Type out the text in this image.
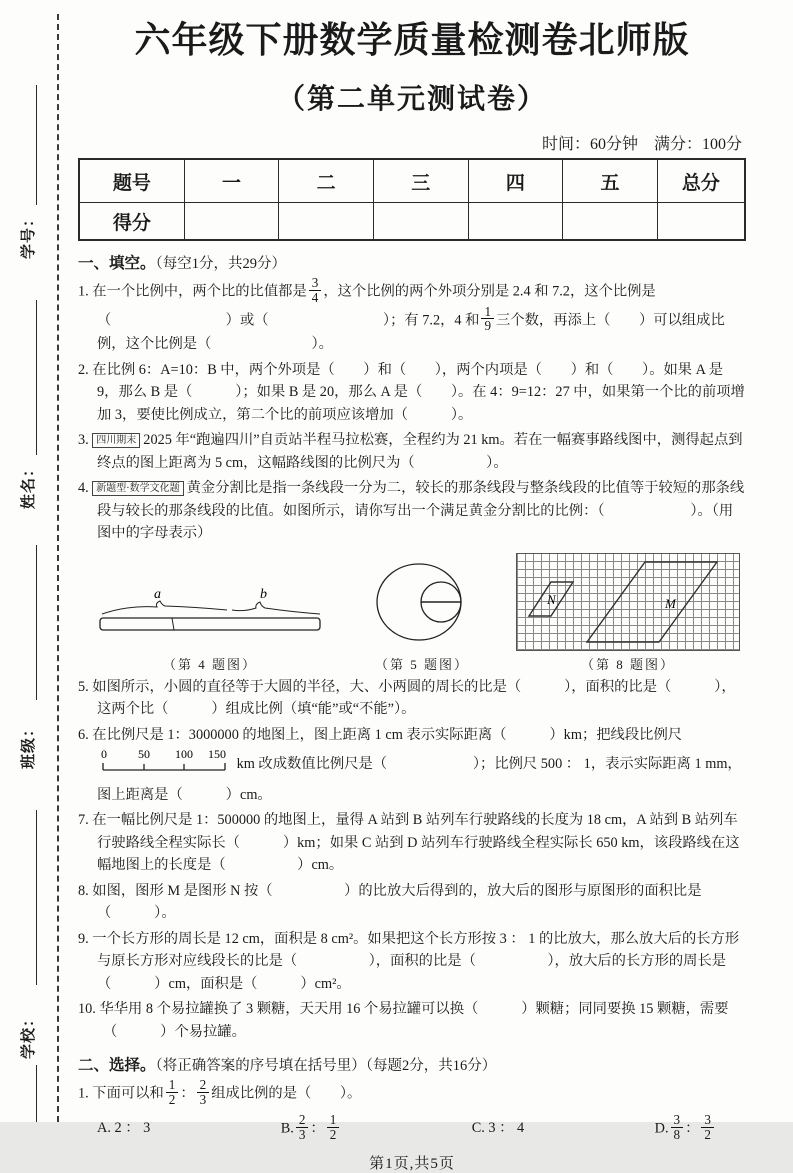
学号：
姓名：
班级：
学校：
六年级下册数学质量检测卷北师版
（第二单元测试卷）
时间：60分钟　满分：100分
题号	一	二	三	四	五	总分
得分						
一、填空。（每空1分，共29分）
1. 在一个比例中，两个比的比值都是 $\frac{3}{4}$ ，这个比例的两个外项分别是 2.4 和 7.2，这个比例是 （　　　　　　　　）或（　　　　　　　　）；有 7.2，4 和 $\frac{1}{9}$ 三个数，再添上（　　）可以组成比例，这个比例是（　　　　　　　）。
2. 在比例 6：A=10：B 中，两个外项是（　　）和（　　），两个内项是（　　）和（　　）。如果 A 是 9，那么 B 是（　　　）；如果 B 是 20，那么 A 是（　　）。在 4：9=12：27 中，如果第一个比的前项增加 3，要使比例成立，第二个比的前项应该增加（　　　）。
3. 四川期末 2025 年“跑遍四川”自贡站半程马拉松赛，全程约为 21 km。若在一幅赛事路线图中，测得起点到终点的图上距离为 5 cm，这幅路线图的比例尺为（　　　　　）。
4. 新题型·数学文化题 黄金分割比是指一条线段一分为二，较长的那条线段与整条线段的比值等于较短的那条线段与较长的那条线段的比值。如图所示，请你写出一个满足黄金分割比的比例：（　　　　　　）。（用图中的字母表示）
a	b
（第 4 题图）	（第 5 题图）
N	M
（第 8 题图）
5. 如图所示，小圆的直径等于大圆的半径，大、小两圆的周长的比是（　　　），面积的比是（　　　），这两个比（　　　）组成比例（填“能”或“不能”）。
6. 在比例尺是 1：3000000 的地图上，图上距离 1 cm 表示实际距离（　　　）km；把线段比例尺
0	50 100 150
km 改成数值比例尺是（　　　　　　）；比例尺 500 ： 1，表示实际距离 1 mm，图上距离是（　　　）cm。
7. 在一幅比例尺是 1：500000 的地图上，量得 A 站到 B 站列车行驶路线的长度为 18 cm，A 站到 B 站列车行驶路线全程实际长（　　　）km；如果 C 站到 D 站列车行驶路线全程实际长 650 km，该段路线在这幅地图上的长度是（　　　　　）cm。
8. 如图，图形 M 是图形 N 按（　　　　　）的比放大后得到的，放大后的图形与原图形的面积比是（　　　）。
9. 一个长方形的周长是 12 cm，面积是 8 cm²。如果把这个长方形按 3 ： 1 的比放大，那么放大后的长方形与原长方形对应线段长的比是（　　　　　），面积的比是（　　　　　），放大后的长方形的周长是（　　　）cm，面积是（　　　）cm²。
10. 华华用 8 个易拉罐换了 3 颗糖，天天用 16 个易拉罐可以换（　　　）颗糖；同同要换 15 颗糖，需要（　　　）个易拉罐。
二、选择。（将正确答案的序号填在括号里）（每题2分，共16分）
1. 下面可以和 $\frac{1}{2}$ ： $\frac{2}{3}$ 组成比例的是（　　）。
A. 2 ： 3	B. $\frac{2}{3}$ ： $\frac{1}{2}$	C. 3 ： 4	D. $\frac{3}{8}$ ： $\frac{3}{2}$
第1页,共5页
